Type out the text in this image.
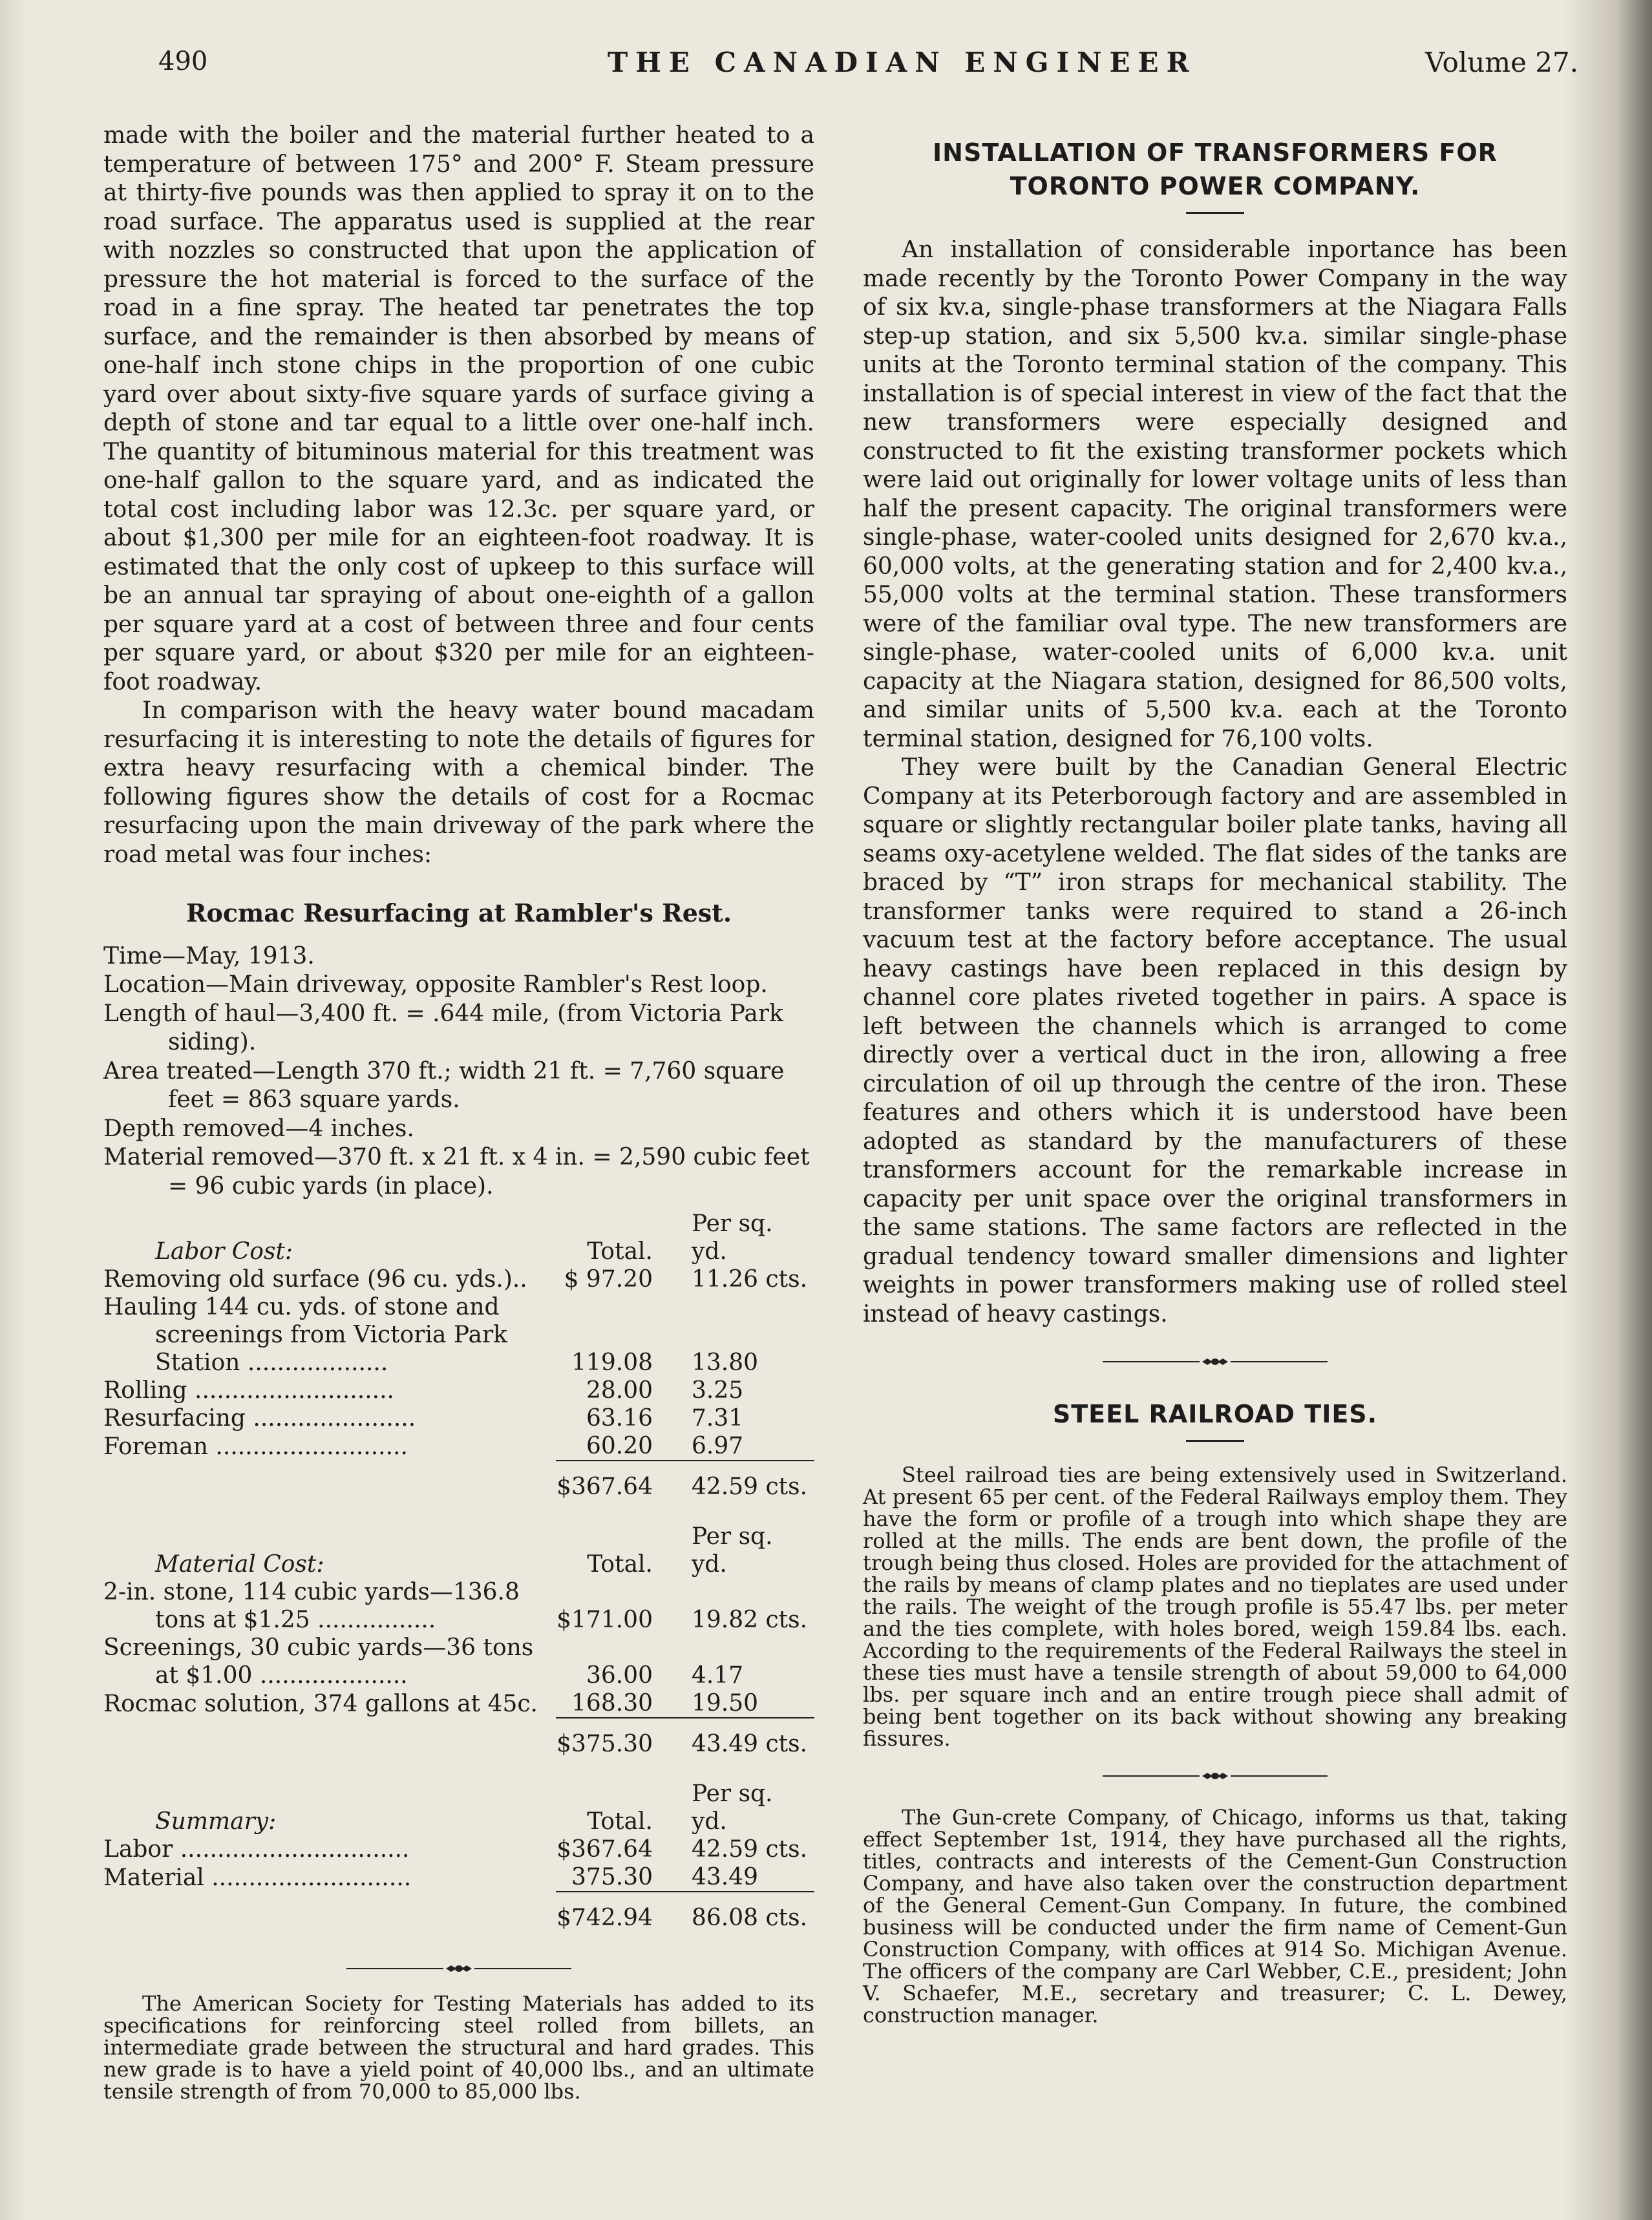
490	THE CANADIAN ENGINEER	Volume 27.

made with the boiler and the material further heated to a temperature of between 175° and 200° F. Steam pressure at thirty-five pounds was then applied to spray it on to the road surface. The apparatus used is supplied at the rear with nozzles so constructed that upon the application of pressure the hot material is forced to the surface of the road in a fine spray. The heated tar penetrates the top surface, and the remainder is then absorbed by means of one-half inch stone chips in the proportion of one cubic yard over about sixty-five square yards of surface giving a depth of stone and tar equal to a little over one-half inch. The quantity of bituminous material for this treatment was one-half gallon to the square yard, and as indicated the total cost including labor was 12.3c. per square yard, or about $1,300 per mile for an eighteen-foot roadway. It is estimated that the only cost of upkeep to this surface will be an annual tar spraying of about one-eighth of a gallon per square yard at a cost of between three and four cents per square yard, or about $320 per mile for an eighteen-foot roadway.

In comparison with the heavy water bound macadam resurfacing it is interesting to note the details of figures for extra heavy resurfacing with a chemical binder. The following figures show the details of cost for a Rocmac resurfacing upon the main driveway of the park where the road metal was four inches:

Rocmac Resurfacing at Rambler's Rest.

Time—May, 1913.

Location—Main driveway, opposite Rambler's Rest loop.

Length of haul—3,400 ft. = .644 mile, (from Victoria Park siding).

Area treated—Length 370 ft.; width 21 ft. = 7,760 square feet = 863 square yards.

Depth removed—4 inches.

Material removed—370 ft. x 21 ft. x 4 in. = 2,590 cubic feet = 96 cubic yards (in place).

Labor Cost:	Total.	Per sq. yd.
Removing old surface (96 cu. yds.)..	$ 97.20	11.26 cts.
Hauling 144 cu. yds. of stone and		
screenings from Victoria Park		
Station ...................	119.08	13.80
Rolling ...........................	28.00	3.25
Resurfacing ......................	63.16	7.31
Foreman ..........................	60.20	6.97
	$367.64	42.59 cts.
Material Cost:	Total.	Per sq. yd.
2-in. stone, 114 cubic yards—136.8		
tons at $1.25 ................	$171.00	19.82 cts.
Screenings, 30 cubic yards—36 tons		
at $1.00 ....................	36.00	4.17
Rocmac solution, 374 gallons at 45c.	168.30	19.50
	$375.30	43.49 cts.
Summary:	Total.	Per sq. yd.
Labor ...............................	$367.64	42.59 cts.
Material ...........................	375.30	43.49
	$742.94	86.08 cts.

The American Society for Testing Materials has added to its specifications for reinforcing steel rolled from billets, an intermediate grade between the structural and hard grades. This new grade is to have a yield point of 40,000 lbs., and an ultimate tensile strength of from 70,000 to 85,000 lbs.

INSTALLATION OF TRANSFORMERS FOR

TORONTO POWER COMPANY.

An installation of considerable inportance has been made recently by the Toronto Power Company in the way of six kv.a, single-phase transformers at the Niagara Falls step-up station, and six 5,500 kv.a. similar single-phase units at the Toronto terminal station of the company. This installation is of special interest in view of the fact that the new transformers were especially designed and constructed to fit the existing transformer pockets which were laid out originally for lower voltage units of less than half the present capacity. The original transformers were single-phase, water-cooled units designed for 2,670 kv.a., 60,000 volts, at the generating station and for 2,400 kv.a., 55,000 volts at the terminal station. These transformers were of the familiar oval type. The new transformers are single-phase, water-cooled units of 6,000 kv.a. unit capacity at the Niagara station, designed for 86,500 volts, and similar units of 5,500 kv.a. each at the Toronto terminal station, designed for 76,100 volts.

They were built by the Canadian General Electric Company at its Peterborough factory and are assembled in square or slightly rectangular boiler plate tanks, having all seams oxy-acetylene welded. The flat sides of the tanks are braced by “T” iron straps for mechanical stability. The transformer tanks were required to stand a 26-inch vacuum test at the factory before acceptance. The usual heavy castings have been replaced in this design by channel core plates riveted together in pairs. A space is left between the channels which is arranged to come directly over a vertical duct in the iron, allowing a free circulation of oil up through the centre of the iron. These features and others which it is understood have been adopted as standard by the manufacturers of these transformers account for the remarkable increase in capacity per unit space over the original transformers in the same stations. The same factors are reflected in the gradual tendency toward smaller dimensions and lighter weights in power transformers making use of rolled steel instead of heavy castings.

STEEL RAILROAD TIES.

Steel railroad ties are being extensively used in Switzerland. At present 65 per cent. of the Federal Railways employ them. They have the form or profile of a trough into which shape they are rolled at the mills. The ends are bent down, the profile of the trough being thus closed. Holes are provided for the attachment of the rails by means of clamp plates and no tieplates are used under the rails. The weight of the trough profile is 55.47 lbs. per meter and the ties complete, with holes bored, weigh 159.84 lbs. each. According to the requirements of the Federal Railways the steel in these ties must have a tensile strength of about 59,000 to 64,000 lbs. per square inch and an entire trough piece shall admit of being bent together on its back without showing any breaking fissures.

The Gun-crete Company, of Chicago, informs us that, taking effect September 1st, 1914, they have purchased all the rights, titles, contracts and interests of the Cement-Gun Construction Company, and have also taken over the construction department of the General Cement-Gun Company. In future, the combined business will be conducted under the firm name of Cement-Gun Construction Company, with offices at 914 So. Michigan Avenue. The officers of the company are Carl Webber, C.E., president; John V. Schaefer, M.E., secretary and treasurer; C. L. Dewey, construction manager.
